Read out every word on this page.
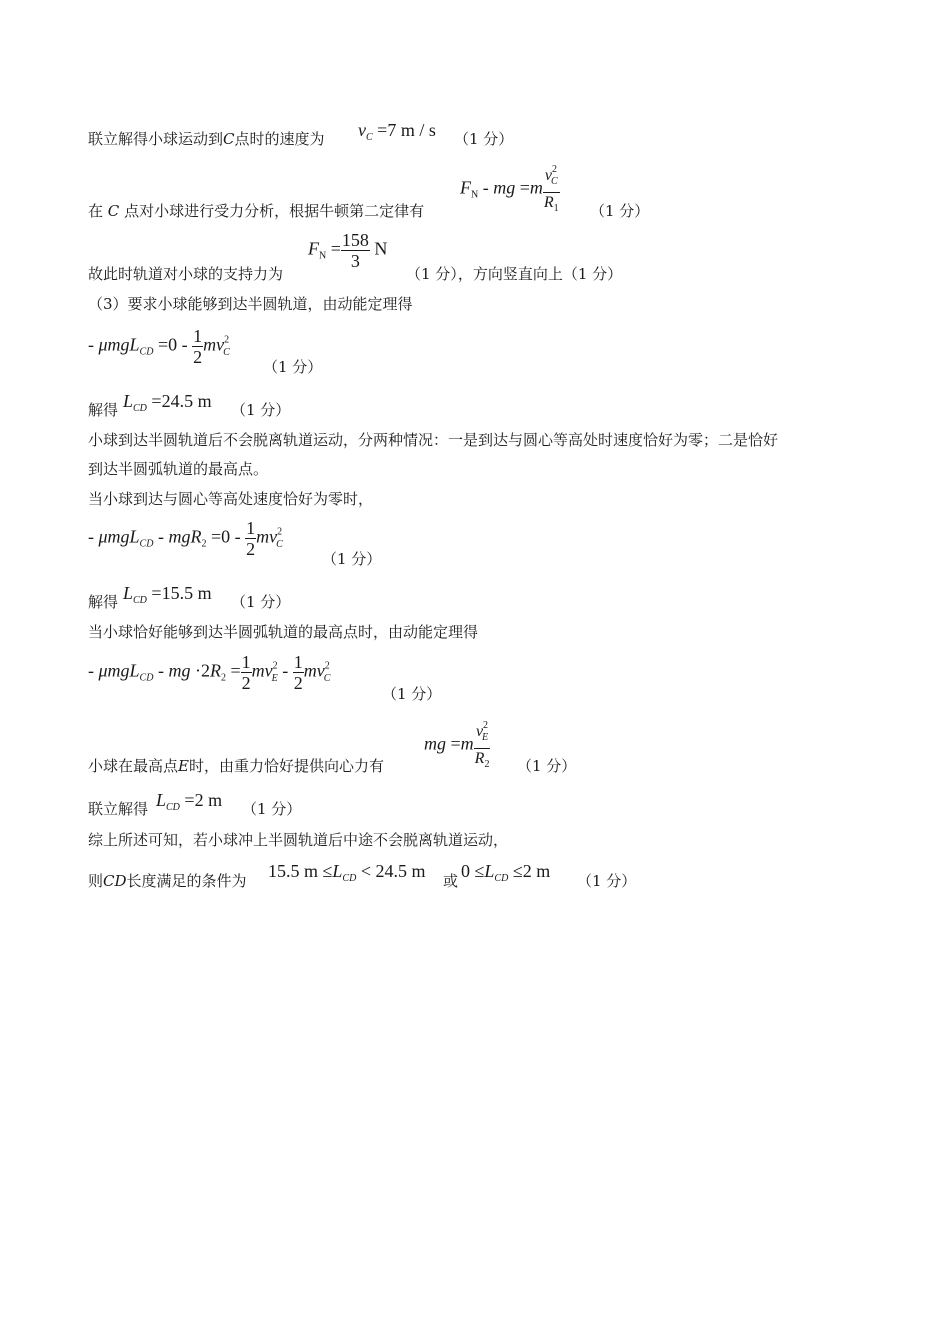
联立解得小球运动到C点时的速度为 $v_C =7$ m / s （1 分）
$F_N$ - mg $=m \frac{v^2_C}{R_1}$
在 C 点对小球进行受力分析，根据牛顿第二定律有	（1 分）
$F_N = \frac{158}{3}$ N
故此时轨道对小球的支持力为	（1 分），方向竖直向上（1 分）
（3）要求小球能够到达半圆轨道，由动能定理得
- $\mu mgL_{CD} =0 - \frac{1}{2} mv^2_C$
（1 分）
解得 $L_{CD} =24.5$ m （1 分）
小球到达半圆轨道后不会脱离轨道运动，分两种情况：一是到达与圆心等高处时速度恰好为零；二是恰好
到达半圆弧轨道的最高点。
当小球到达与圆心等高处速度恰好为零时，
- $\mu mgL_{CD} - mgR_2 =0 - \frac{1}{2} mv^2_C$
（1 分）
解得 $L_{CD} =15.5$ m （1 分）
当小球恰好能够到达半圆弧轨道的最高点时，由动能定理得
- μmgL$_{CD}$ - mg $\cdot 2R_2 = \frac{1}{2} mv^2_E - \frac{1}{2} mv^2_C$
（1 分）
mg $=m \frac{v^2_E}{R_2}$
小球在最高点E时，由重力恰好提供向心力有	（1 分）
联立解得 $L_{CD} =2$ m （1 分）
综上所述可知，若小球冲上半圆轨道后中途不会脱离轨道运动，
则CD长度满足的条件为 15.5 $m \le L_{CD} < 24.5$ m 或 $0 \le L_{CD} \le 2$ m （1 分）
